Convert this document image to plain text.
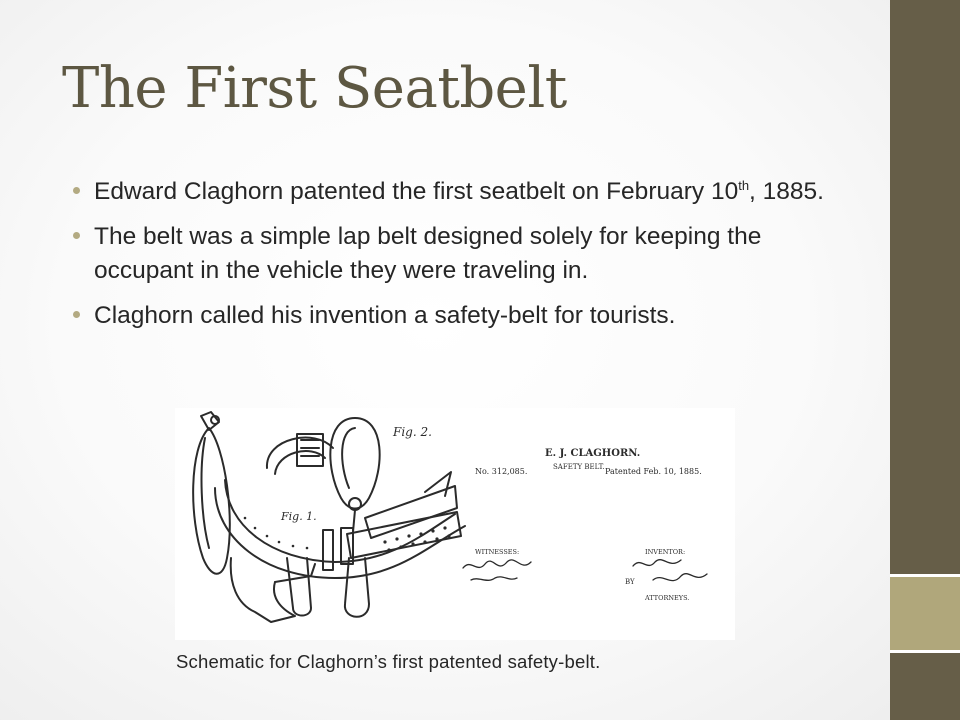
The First Seatbelt
Edward Claghorn patented the first seatbelt on February 10th, 1885.
The belt was a simple lap belt designed solely for keeping the occupant in the vehicle they were traveling in.
Claghorn called his invention a safety-belt for tourists.
Fig. 2.
Fig. 1.
E. J. CLAGHORN.
SAFETY BELT.
No. 312,085.	Patented Feb. 10, 1885.
WITNESSES:	INVENTOR:
BY
ATTORNEYS.

Schematic for Claghorn’s first patented safety-belt.
